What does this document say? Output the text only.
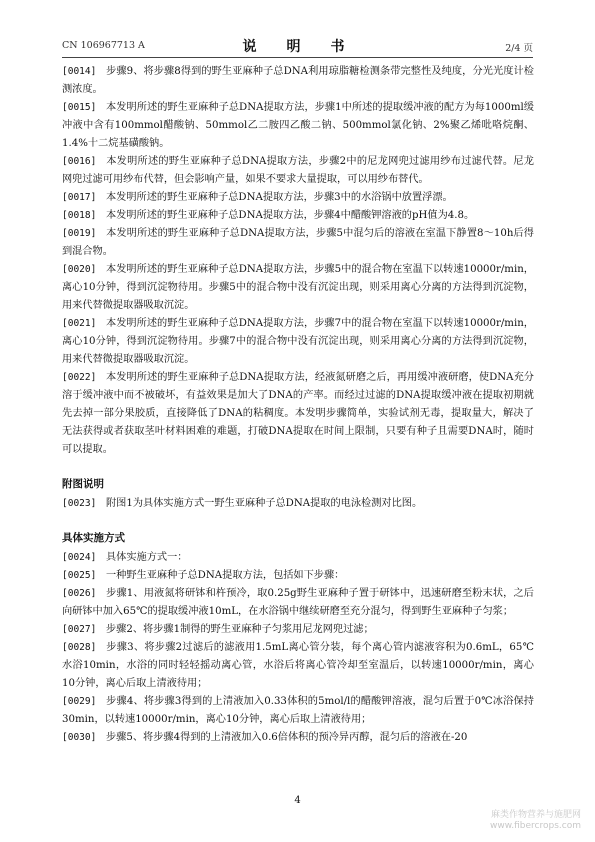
CN 106967713 A	说　明　书	2/4 页
[0014] 步骤9、将步骤8得到的野生亚麻种子总DNA利用琼脂糖检测条带完整性及纯度，分光光度计检测浓度。
[0015] 本发明所述的野生亚麻种子总DNA提取方法，步骤1中所述的提取缓冲液的配方为每1000ml缓冲液中含有100mmol醋酸钠、50mmol乙二胺四乙酸二钠、500mmol氯化钠、2%聚乙烯吡咯烷酮、1.4%十二烷基磺酸钠。
[0016] 本发明所述的野生亚麻种子总DNA提取方法，步骤2中的尼龙网兜过滤用纱布过滤代替。尼龙网兜过滤可用纱布代替，但会影响产量，如果不要求大量提取，可以用纱布替代。
[0017] 本发明所述的野生亚麻种子总DNA提取方法，步骤3中的水浴锅中放置浮漂。
[0018] 本发明所述的野生亚麻种子总DNA提取方法，步骤4中醋酸钾溶液的pH值为4.8。
[0019] 本发明所述的野生亚麻种子总DNA提取方法，步骤5中混匀后的溶液在室温下静置8～10h后得到混合物。
[0020] 本发明所述的野生亚麻种子总DNA提取方法，步骤5中的混合物在室温下以转速10000r/min，离心10分钟，得到沉淀物待用。步骤5中的混合物中没有沉淀出现，则采用离心分离的方法得到沉淀物，用来代替微提取器吸取沉淀。
[0021] 本发明所述的野生亚麻种子总DNA提取方法，步骤7中的混合物在室温下以转速10000r/min，离心10分钟，得到沉淀物待用。步骤7中的混合物中没有沉淀出现，则采用离心分离的方法得到沉淀物，用来代替微提取器吸取沉淀。
[0022] 本发明所述的野生亚麻种子总DNA提取方法，经液氮研磨之后，再用缓冲液研磨，使DNA充分溶于缓冲液中而不被破坏，有益效果是加大了DNA的产率。而经过过滤的DNA提取缓冲液在提取初期就先去掉一部分果胶质，直接降低了DNA的粘稠度。本发明步骤简单，实验试剂无毒，提取量大，解决了无法获得或者获取茎叶材料困难的难题，打破DNA提取在时间上限制，只要有种子且需要DNA时，随时可以提取。
附图说明
[0023] 附图1为具体实施方式一野生亚麻种子总DNA提取的电泳检测对比图。
具体实施方式
[0024] 具体实施方式一：
[0025] 一种野生亚麻种子总DNA提取方法，包括如下步骤：
[0026] 步骤1、用液氮将研钵和杵预冷，取0.25g野生亚麻种子置于研钵中，迅速研磨至粉末状，之后向研钵中加入65℃的提取缓冲液10mL，在水浴锅中继续研磨至充分混匀，得到野生亚麻种子匀浆；
[0027] 步骤2、将步骤1制得的野生亚麻种子匀浆用尼龙网兜过滤；
[0028] 步骤3、将步骤2过滤后的滤液用1.5mL离心管分装，每个离心管内滤液容积为0.6mL，65℃水浴10min，水浴的同时轻轻摇动离心管，水浴后将离心管冷却至室温后，以转速10000r/min，离心10分钟，离心后取上清液待用；
[0029] 步骤4、将步骤3得到的上清液加入0.33体积的5mol/l的醋酸钾溶液，混匀后置于0℃冰浴保持30min，以转速10000r/min，离心10分钟，离心后取上清液待用；
[0030] 步骤5、将步骤4得到的上清液加入0.6倍体积的预冷异丙醇，混匀后的溶液在-20
4
麻类作物营养与施肥网
www.fibercrops.com
